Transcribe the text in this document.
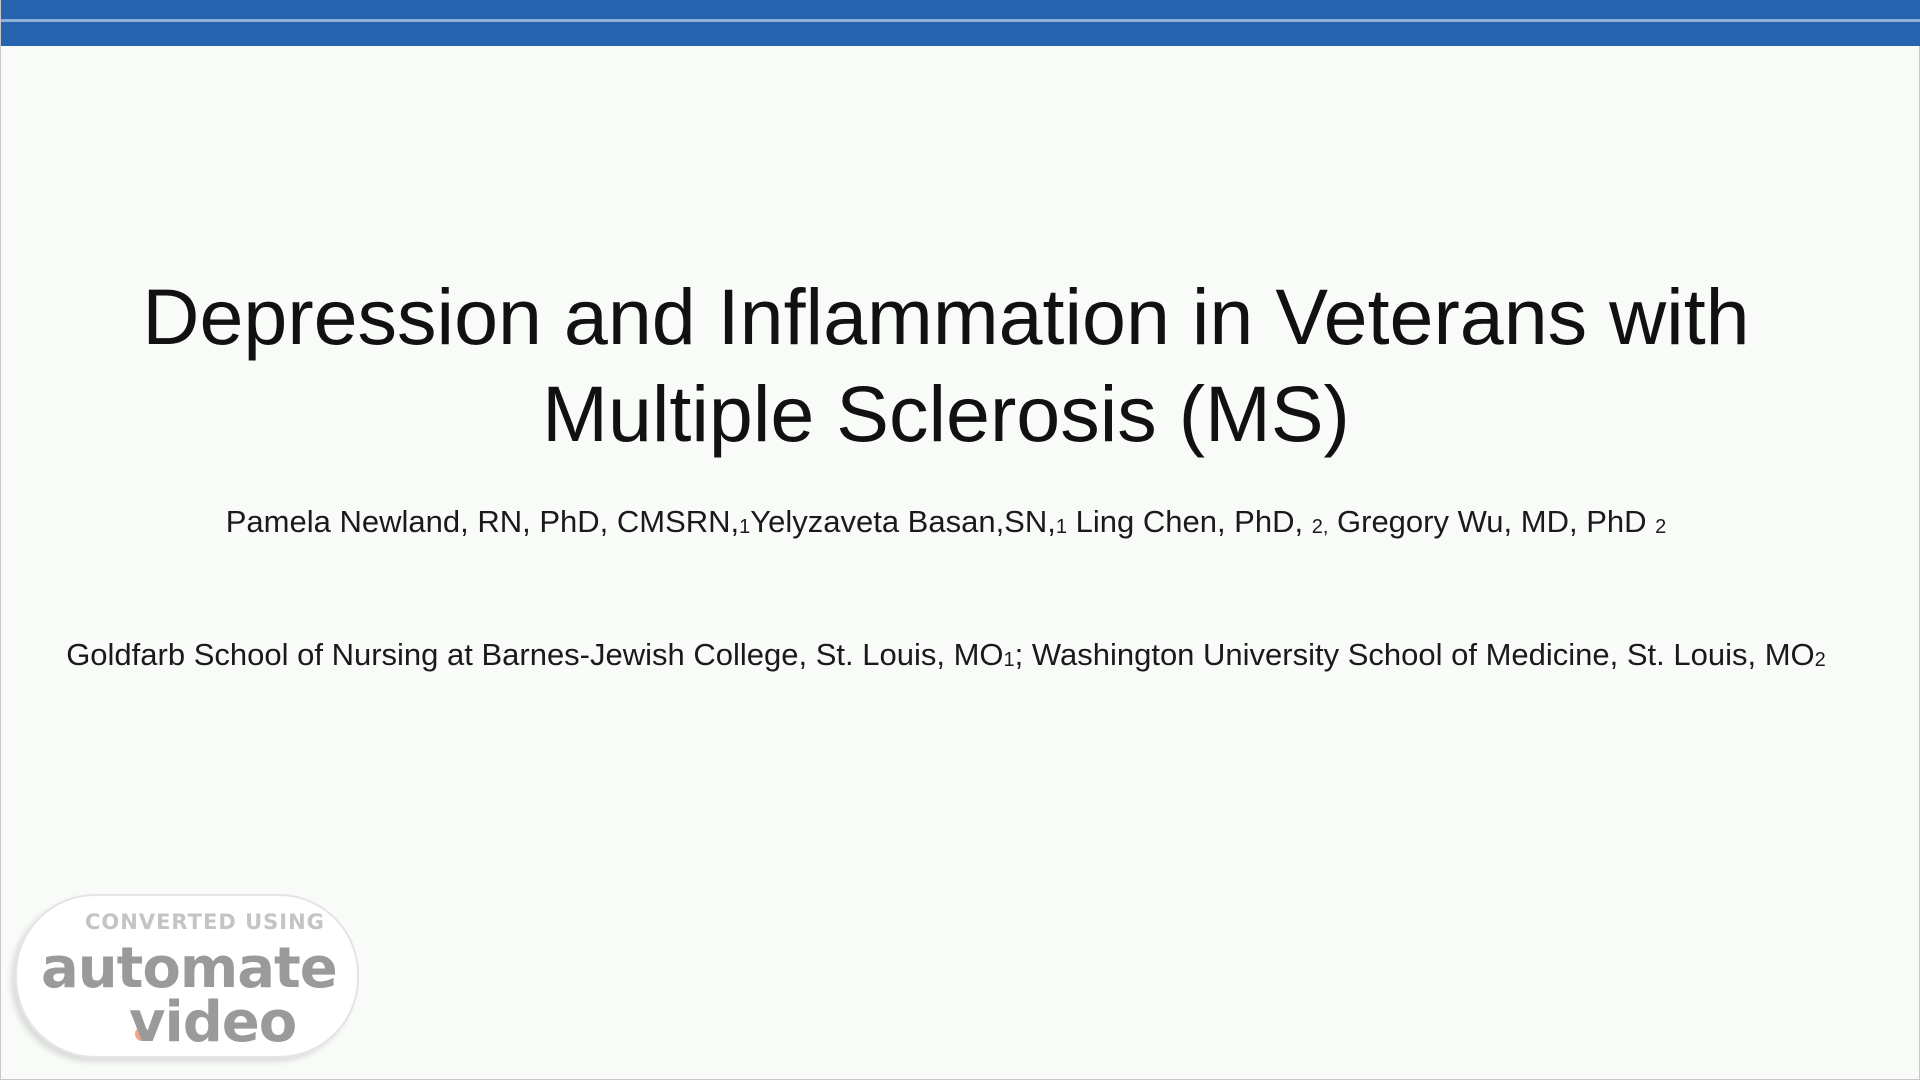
Depression and Inflammation in Veterans with
Multiple Sclerosis (MS)
Pamela Newland, RN, PhD, CMSRN,1Yelyzaveta Basan,SN,1 Ling Chen, PhD, 2, Gregory Wu, MD, PhD 2
Goldfarb School of Nursing at Barnes-Jewish College, St. Louis, MO1; Washington University School of Medicine, St. Louis, MO2
CONVERTED USING
automate
video
